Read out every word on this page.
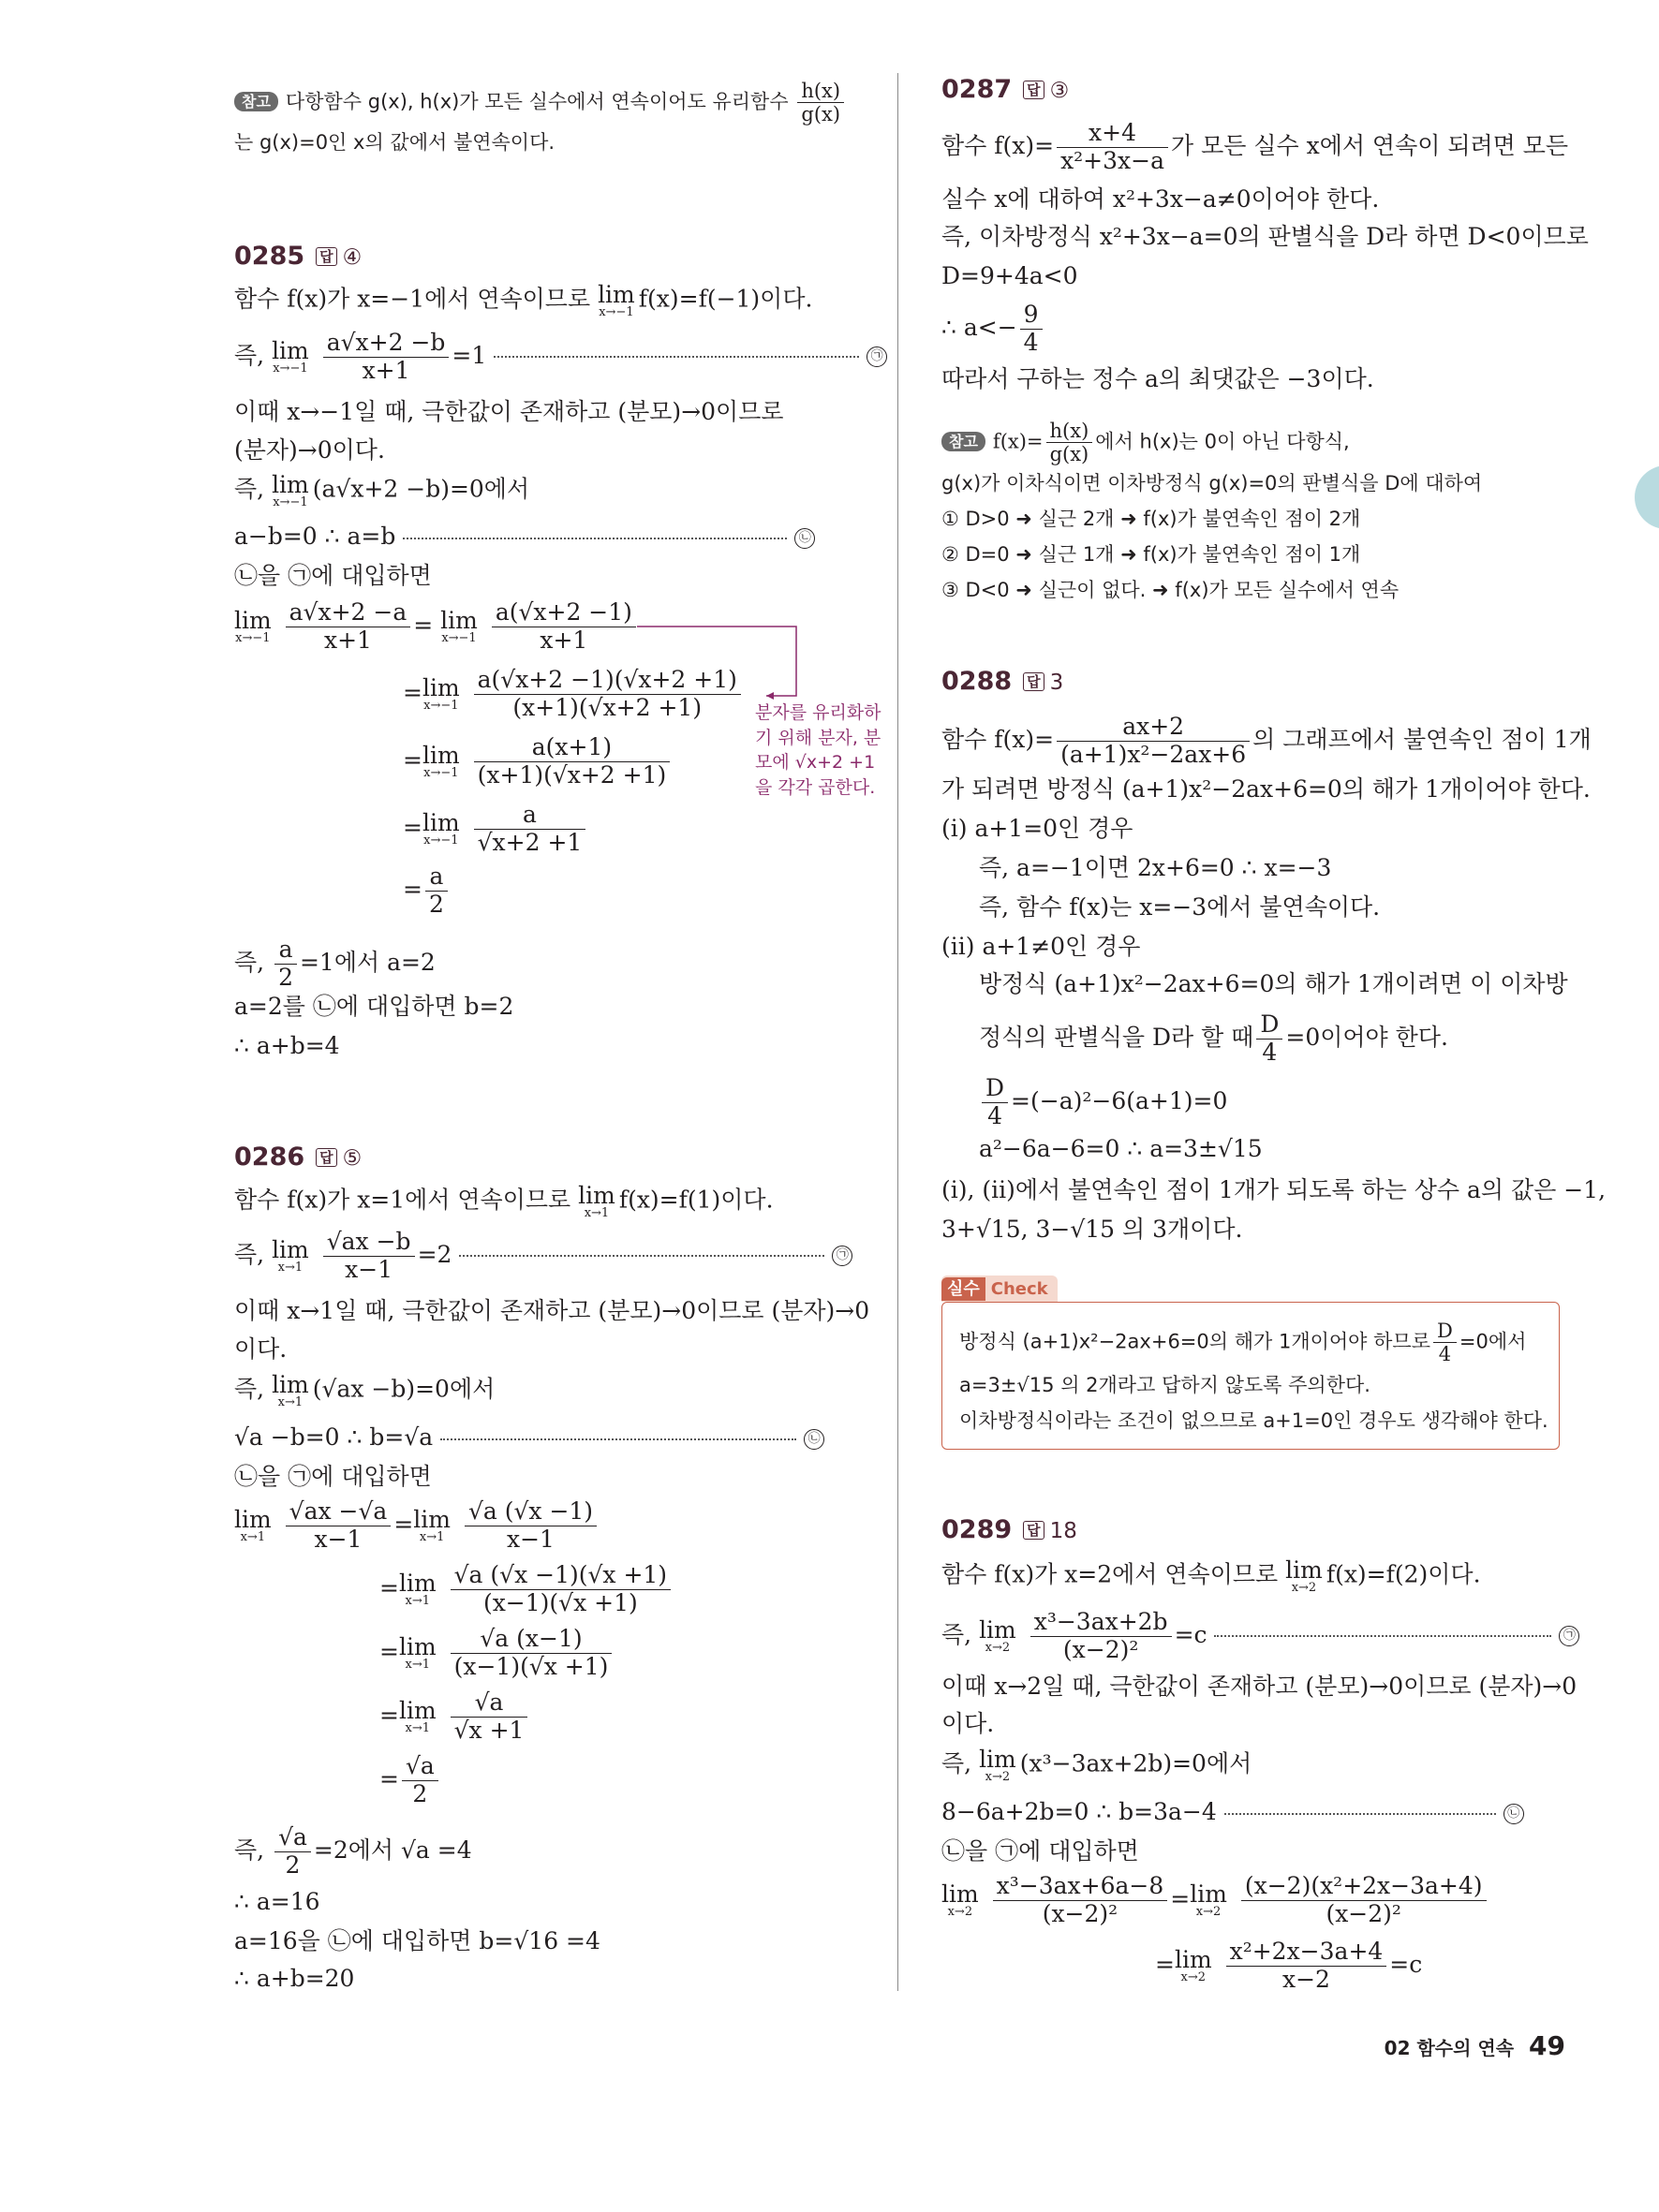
참고 다항함수 g(x), h(x)가 모든 실수에서 연속이어도 유리함수 $\frac{h(x)}{g(x)}$
는 g(x)=0인 x의 값에서 불연속이다.
0285 답 ④
함수 f(x)가 x=−1에서 연속이므로 lim
x→−1 f(x)=f(−1)이다.
즉, lim
x→−1
$\frac{a√x+2 -b}{x+1} =1$	㉠
이때 x→−1일 때, 극한값이 존재하고 (분모)→0이므로
(분자)→0이다.
즉, lim
x→−1 (a√x+2 −b)=0에서
a−b=0 ∴ a=b	㉡
㉡을 ㉠에 대입하면
lim
x→−1
$\frac{a√x+2 -a}{x+1} = \lim$
x→−1
$\frac{a(√x+2 -1)}{x+1}$
=lim
x→−1
$\frac{a(√x+2 -1)(√x+2 +1)}{(x+1)(√x+2 +1)}$
=lim
x→−1
$\frac{a(x+1)}{(x+1)(√x+2 +1)}$
=lim
x→−1
$\frac{a}{√x+2 +1}$
= $\frac{a}{2}$
즉, $\frac{a}{2} =1$에서 a=2
a=2를 ㉡에 대입하면 b=2
∴ a+b=4
0286 답 ⑤
함수 f(x)가 x=1에서 연속이므로 lim
x→1 f(x)=f(1)이다.
즉, lim
x→1
$\frac{√ax -b}{x-1} =2$	㉠
이때 x→1일 때, 극한값이 존재하고 (분모)→0이므로 (분자)→0
이다.
즉, lim
x→1 (√ax −b)=0에서
√a −b=0 ∴ b=√a	㉡
㉡을 ㉠에 대입하면
lim
x→1
$\frac{√ax -√a}{x-1} =\lim$
x→1
$\frac{√a (√x -1)}{x-1}$
=lim
x→1
$\frac{√a (√x -1)(√x +1)}{(x-1)(√x +1)}$
=lim
x→1
$\frac{√a (x-1)}{(x-1)(√x +1)}$
=lim
x→1
$\frac{√a}{√x +1}$
= $\frac{√a}{2}$
즉, $\frac{√a}{2} =2$에서 √a =4
∴ a=16
a=16을 ㉡에 대입하면 b=√16 =4
∴ a+b=20
분자를 유리화하기 위해 분자, 분모에 √x+2 +1을 각각 곱한다.
0287 답 ③
함수 $f(x)= \frac{x+4}{\text{x²+3x−a}}$ 가 모든 실수 x에서 연속이 되려면 모든
실수 x에 대하여 x²+3x−a≠0이어야 한다.
즉, 이차방정식 x²+3x−a=0의 판별식을 D라 하면 D<0이므로
D=9+4a<0
∴ $a<- \frac{9}{4}$
따라서 구하는 정수 a의 최댓값은 −3이다.
참고 $f(x)= \frac{h(x)}{g(x)}$ 에서 h(x)는 0이 아닌 다항식,
g(x)가 이차식이면 이차방정식 g(x)=0의 판별식을 D에 대하여
① D>0 ➜ 실근 2개 ➜ f(x)가 불연속인 점이 2개
② D=0 ➜ 실근 1개 ➜ f(x)가 불연속인 점이 1개
③ D<0 ➜ 실근이 없다. ➜ f(x)가 모든 실수에서 연속
0288 답 3
함수 $f(x)= \frac{ax+2}{\text{(a+1)x²−2ax+6}}$ 의 그래프에서 불연속인 점이 1개
가 되려면 방정식 (a+1)x²−2ax+6=0의 해가 1개이어야 한다.
(i) a+1=0인 경우
즉, a=−1이면 2x+6=0 ∴ x=−3
즉, 함수 f(x)는 x=−3에서 불연속이다.
(ii) a+1≠0인 경우
방정식 (a+1)x²−2ax+6=0의 해가 1개이려면 이 이차방
정식의 판별식을 D라 할 때 $\frac{D}{4} =0$이어야 한다.
$\frac{D}{4} =(-a)^2-6(a+1)=0$
a²−6a−6=0 ∴ a=3±√15
(i), (ii)에서 불연속인 점이 1개가 되도록 하는 상수 a의 값은 −1,
3+√15, 3−√15 의 3개이다.
실수 Check
방정식 (a+1)x²−2ax+6=0의 해가 1개이어야 하므로 $\frac{D}{4} =0$에서
a=3±√15 의 2개라고 답하지 않도록 주의한다.
이차방정식이라는 조건이 없으므로 a+1=0인 경우도 생각해야 한다.
0289 답 18
함수 f(x)가 x=2에서 연속이므로 lim
x→2 f(x)=f(2)이다.
즉, lim
x→2
$\frac{\text{x³−3ax+2b}}{\text{(x−2)²}} =c$	㉠
이때 x→2일 때, 극한값이 존재하고 (분모)→0이므로 (분자)→0
이다.
즉, lim
x→2 (x³−3ax+2b)=0에서
8−6a+2b=0 ∴ b=3a−4	㉡
㉡을 ㉠에 대입하면
lim
x→2
$\frac{\text{x³−3ax+6a−8}}{\text{(x−2)²}} =\lim$
x→2
$\frac{\text{(x−2)(x²+2x−3a+4)}}{\text{(x−2)²}}$
=lim
x→2
$\frac{\text{x²+2x−3a+4}}{x-2} =c$
02 함수의 연속 49
